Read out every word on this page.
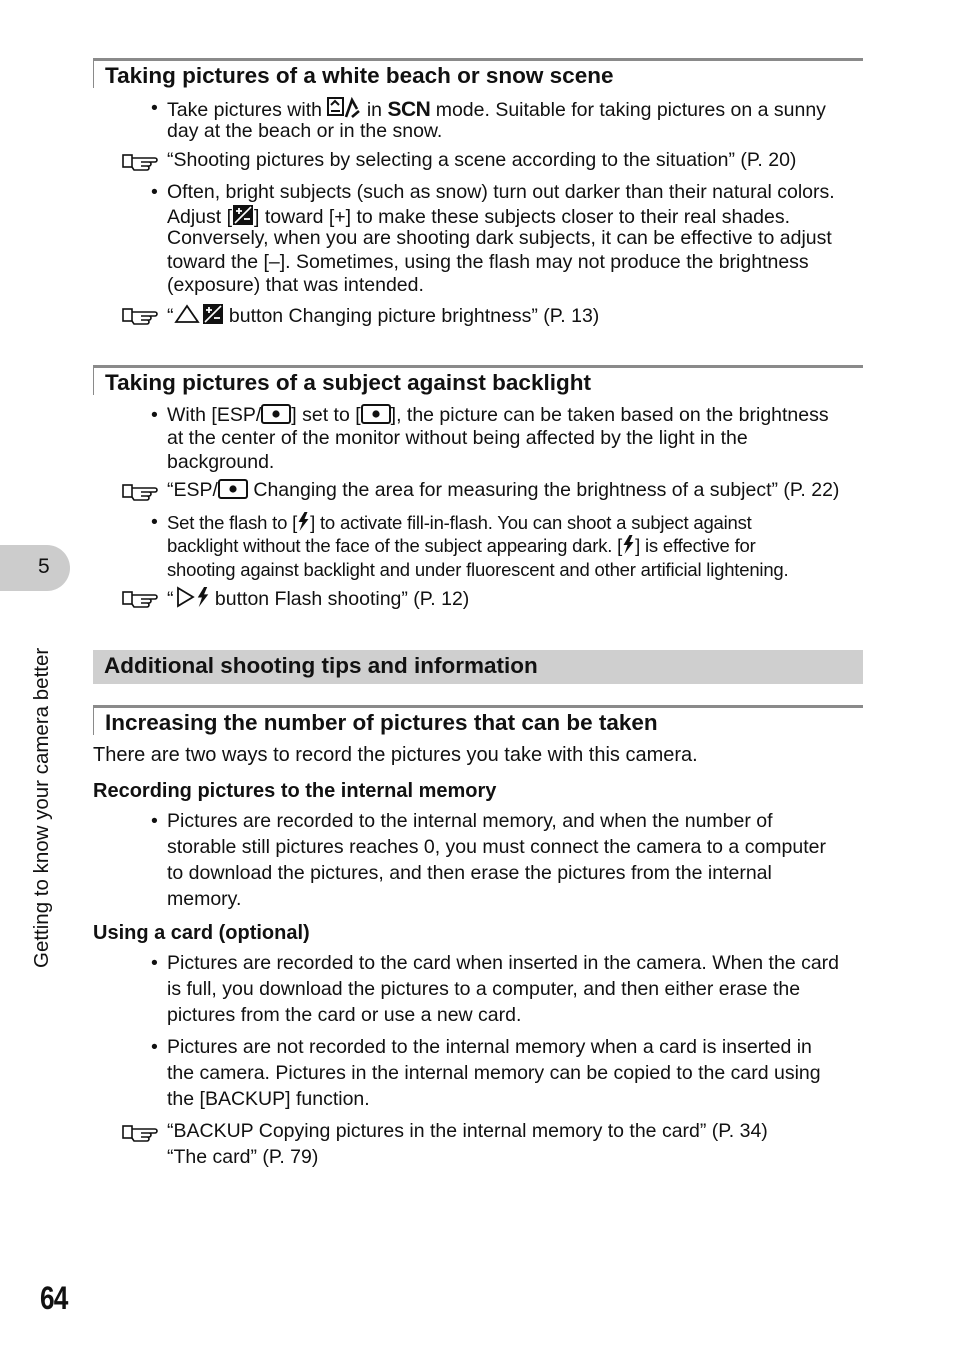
Taking pictures of a white beach or snow scene
• Take pictures with in SCN mode. Suitable for taking pictures on a sunny
day at the beach or in the snow.
“Shooting pictures by selecting a scene according to the situation” (P. 20)
• Often, bright subjects (such as snow) turn out darker than their natural colors.
Adjust [ ] toward [+] to make these subjects closer to their real shades.
Conversely, when you are shooting dark subjects, it can be effective to adjust
toward the [–]. Sometimes, using the flash may not produce the brightness
(exposure) that was intended.
“	button Changing picture brightness” (P. 13)
Taking pictures of a subject against backlight
• With [ESP/ ] set to [ ], the picture can be taken based on the brightness
at the center of the monitor without being affected by the light in the
background.
“ESP/ Changing the area for measuring the brightness of a subject” (P. 22)
• Set the flash to [ ] to activate fill-in-flash. You can shoot a subject against
backlight without the face of the subject appearing dark. [ ] is effective for
shooting against backlight and under fluorescent and other artificial lightening.
“ button Flash shooting” (P. 12)
Additional shooting tips and information
Increasing the number of pictures that can be taken
There are two ways to record the pictures you take with this camera.
Recording pictures to the internal memory
• Pictures are recorded to the internal memory, and when the number of
storable still pictures reaches 0, you must connect the camera to a computer
to download the pictures, and then erase the pictures from the internal
memory.
Using a card (optional)
• Pictures are recorded to the card when inserted in the camera. When the card
is full, you download the pictures to a computer, and then either erase the
pictures from the card or use a new card.
• Pictures are not recorded to the internal memory when a card is inserted in
the camera. Pictures in the internal memory can be copied to the card using
the [BACKUP] function.
“BACKUP Copying pictures in the internal memory to the card” (P. 34)
“The card” (P. 79)
5
Getting to know your camera better
64
